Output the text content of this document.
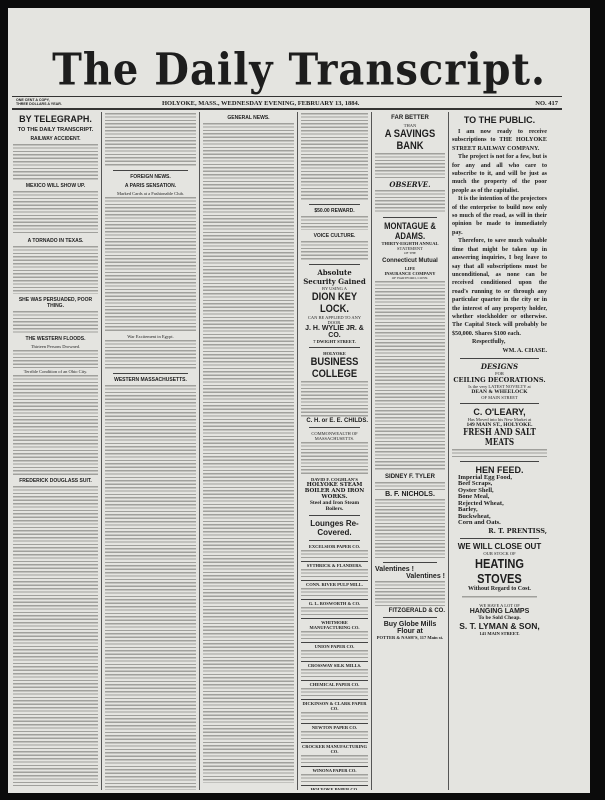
The Daily Transcript.
ONE CENT A COPY,
THREE DOLLARS A YEAR.	HOLYOKE, MASS., WEDNESDAY EVENING, FEBRUARY 13, 1884.	NO. 417
BY TELEGRAPH.
TO THE DAILY TRANSCRIPT.
RAILWAY ACCIDENT.
MEXICO WILL SHOW UP.
A TORNADO IN TEXAS.
SHE WAS PERSUADED, POOR THING.
THE WESTERN FLOODS.
Thirteen Persons Drowned.
Terrible Condition of an Ohio City.
FREDERICK DOUGLASS SUIT.
FOREIGN NEWS.
A PARIS SENSATION.
Marked Cards at a Fashionable Club.
War Excitement in Egypt.
WESTERN MASSACHUSETTS.
GENERAL NEWS.
$50.00 REWARD.
VOICE CULTURE.
Absolute Security Gained
BY USING A
DION KEY LOCK.
CAN BE APPLIED TO ANY DOOR.
J. H. WYLIE JR. & CO.
7 DWIGHT STREET.
HOLYOKE
BUSINESS COLLEGE
C. H. or E. E. CHILDS.
COMMONWEALTH OF MASSACHUSETTS.
DAVID F. COGHLAN'S
HOLYOKE STEAM BOILER AND IRON WORKS.
Steel and Iron Steam Boilers.
Lounges Re-Covered.
EXCELSIOR PAPER CO.
SYTHRICK & FLANDERS.
CONN. RIVER PULP MILL.
G. L. BOSWORTH & CO.
WHITMORE MANUFACTURING CO.
UNION PAPER CO.
CROSSWAY SILK MILLS.
CHEMICAL PAPER CO.
DICKINSON & CLARK PAPER CO.
NEWTON PAPER CO.
CROCKER MANUFACTURING CO.
WINONA PAPER CO.
HOLYOKE PAPER CO.
FAR BETTER
THAN
A SAVINGS BANK
OBSERVE.
MONTAGUE & ADAMS.
THIRTY-EIGHTH ANNUAL
STATEMENT
OF THE
Connecticut Mutual
LIFE
INSURANCE COMPANY
OF HARTFORD, CONN.
SIDNEY F. TYLER
B. F. NICHOLS.
Valentines !
Valentines !
FITZGERALD & CO.
Buy Globe Mills Flour at
POTTER & NASH'S, 117 Main st.
TO THE PUBLIC.

I am now ready to receive subscriptions to THE HOLYOKE STREET RAILWAY COMPANY.

The project is not for a few, but is for any and all who care to subscribe to it, and will be just as much the property of the poor people as of the capitalist.

It is the intention of the projectors of the enterprise to build now only so much of the road, as will in their opinion be made to immediately pay.

Therefore, to save much valuable time that might be taken up in answering inquiries, I beg leave to say that all subscriptions must be unconditional, as none can be received conditioned upon the road's running to or through any particular quarter in the city or in the interest of any property holder, whether stockholder or otherwise. The Capital Stock will probably be $50,000. Shares $100 each.

Respectfully,

WM. A. CHASE.

DESIGNS
FOR
CEILING DECORATIONS.
Is the very LATEST NOVELTY at
DEAN & WHEELOCK
OF MAIN STREET
C. O'LEARY,
Has Moved into his New Market at
149 MAIN ST., HOLYOKE.
FRESH AND SALT MEATS
HEN FEED.
Imperial Egg Food,
Beef Scraps,
Oyster Shell,
Bone Meal,
Rejected Wheat,
Barley,
Buckwheat,
Corn and Oats.
R. T. PRENTISS,
WE WILL CLOSE OUT
OUR STOCK OF
HEATING STOVES
Without Regard to Cost.
WE HAVE A LOT OF
HANGING LAMPS
To be Sold Cheap.
S. T. LYMAN & SON,
141 MAIN STREET.
